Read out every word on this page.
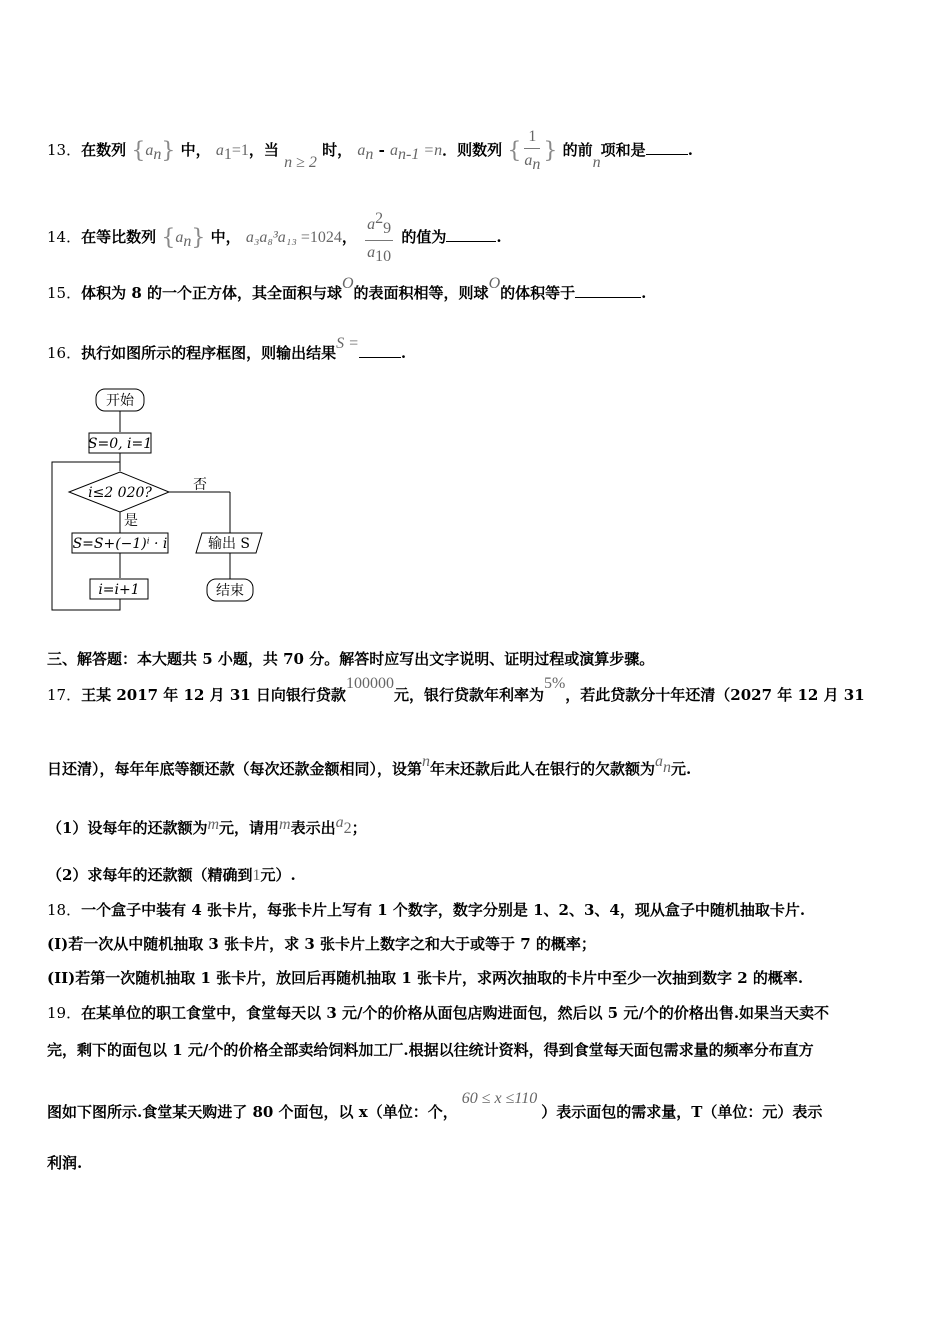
13．在数列 $\{a_n\}$ 中， $a_1=1$，当 n ≥ 2 时， $a_n - a_{n-1} =n$．则数列 { $\frac{1}{a_n}$ } 的前n项和是	.
14．在等比数列 $\{a_n\}$ 中， a₃a₈³a₁₃ =1024， $\frac{a^2_9}{a_{10}}$ 的值为	.
15．体积为 8 的一个正方体，其全面积与球O的表面积相等，则球O的体积等于	.
16．执行如图所示的程序框图，则输出结果S =.
开始
S=0, i=1
i≤2 020?	否
是
S=S+(−1)ⁱ · i
i=i+1
输出 S
结束
三、解答题：本大题共 5 小题，共 70 分。解答时应写出文字说明、证明过程或演算步骤。
17．王某 2017 年 12 月 31 日向银行贷款100000元，银行贷款年利率为5%，若此贷款分十年还清（2027 年 12 月 31
日还清），每年年底等额还款（每次还款金额相同），设第n年末还款后此人在银行的欠款额为$a_n$元.
（1）设每年的还款额为m元，请用m表示出$a_2$；
（2）求每年的还款额（精确到1元）.
18．一个盒子中装有 4 张卡片，每张卡片上写有 1 个数字，数字分别是 1、2、3、4，现从盒子中随机抽取卡片.
(I)若一次从中随机抽取 3 张卡片，求 3 张卡片上数字之和大于或等于 7 的概率；
(II)若第一次随机抽取 1 张卡片，放回后再随机抽取 1 张卡片，求两次抽取的卡片中至少一次抽到数字 2 的概率.
19．在某单位的职工食堂中，食堂每天以 3 元/个的价格从面包店购进面包，然后以 5 元/个的价格出售.如果当天卖不
完，剩下的面包以 1 元/个的价格全部卖给饲料加工厂.根据以往统计资料，得到食堂每天面包需求量的频率分布直方
图如下图所示.食堂某天购进了 80 个面包，以 x（单位：个，60 ≤ x ≤110）表示面包的需求量，T（单位：元）表示
利润.
